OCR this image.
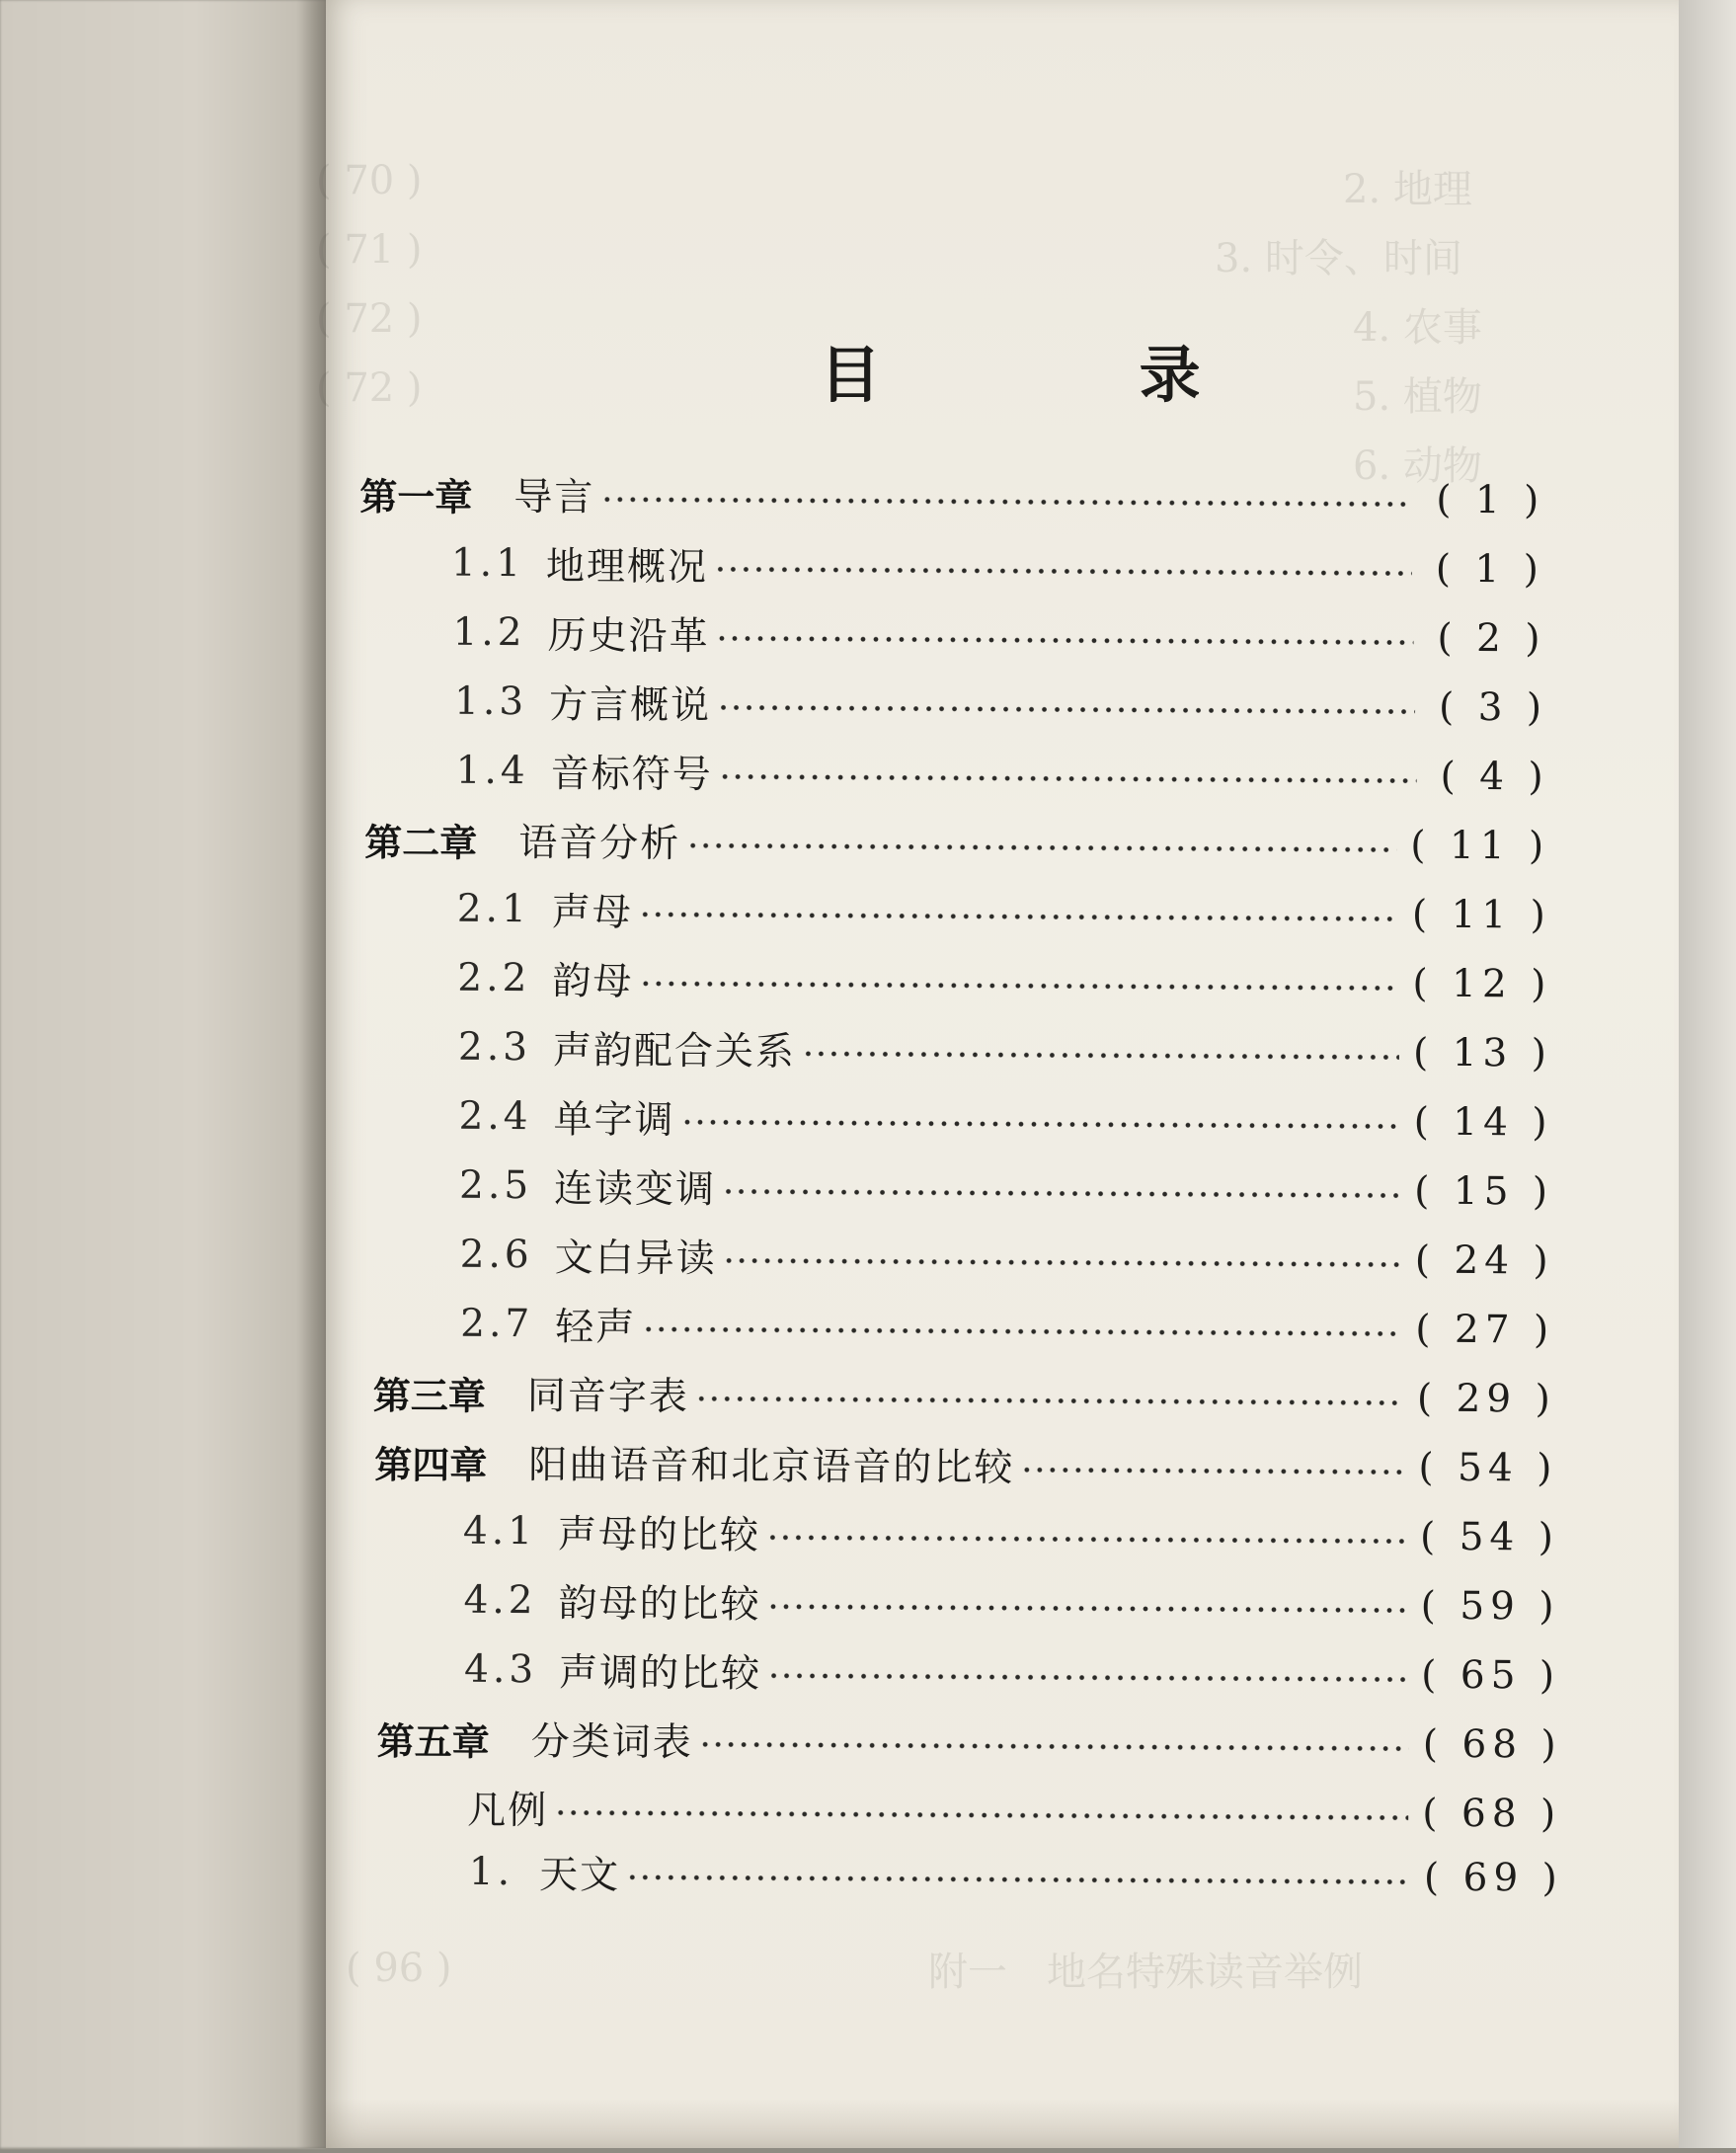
目 录
第一章 导言	( 1 )
1.1 地理概况	( 1 )
1.2 历史沿革	( 2 )
1.3 方言概说	( 3 )
1.4 音标符号	( 4 )
第二章 语音分析	( 11 )
2.1 声母	( 11 )
2.2 韵母	( 12 )
2.3 声韵配合关系	( 13 )
2.4 单字调	( 14 )
2.5 连读变调	( 15 )
2.6 文白异读	( 24 )
2.7 轻声	( 27 )
第三章 同音字表	( 29 )
第四章 阳曲语音和北京语音的比较	( 54 )
4.1 声母的比较	( 54 )
4.2 韵母的比较	( 59 )
4.3 声调的比较	( 65 )
第五章 分类词表	( 68 )
凡例	( 68 )
1. 天文	( 69 )
